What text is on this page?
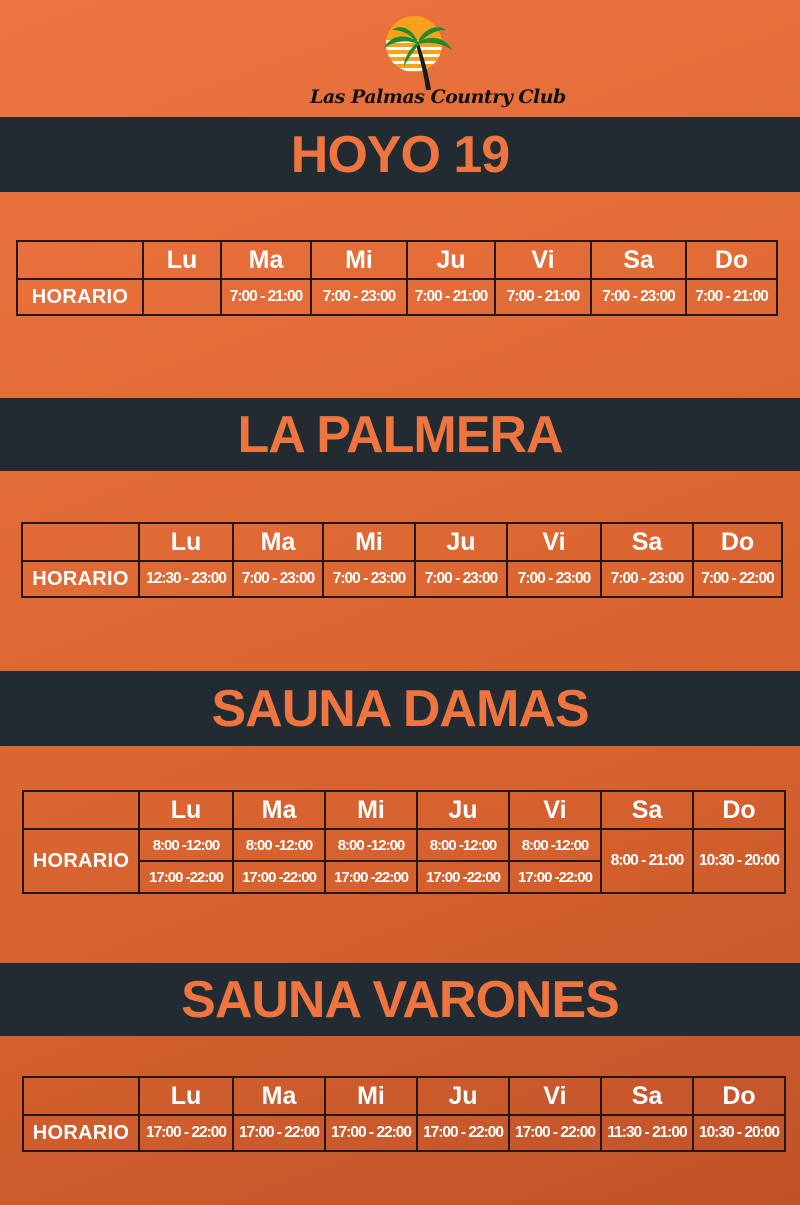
Las Palmas Country Club
HOYO 19
	Lu	Ma	Mi	Ju	Vi	Sa	Do
HORARIO		7:00 - 21:00	7:00 - 23:00	7:00 - 21:00	7:00 - 21:00	7:00 - 23:00	7:00 - 21:00
LA PALMERA
	Lu	Ma	Mi	Ju	Vi	Sa	Do
HORARIO	12:30 - 23:00	7:00 - 23:00	7:00 - 23:00	7:00 - 23:00	7:00 - 23:00	7:00 - 23:00	7:00 - 22:00
SAUNA DAMAS
	Lu	Ma	Mi	Ju	Vi	Sa	Do
HORARIO	8:00 -12:00	8:00 -12:00	8:00 -12:00	8:00 -12:00	8:00 -12:00	8:00 - 21:00	10:30 - 20:00
	17:00 -22:00	17:00 -22:00	17:00 -22:00	17:00 -22:00	17:00 -22:00		
SAUNA VARONES
	Lu	Ma	Mi	Ju	Vi	Sa	Do
HORARIO	17:00 - 22:00	17:00 - 22:00	17:00 - 22:00	17:00 - 22:00	17:00 - 22:00	11:30 - 21:00	10:30 - 20:00
